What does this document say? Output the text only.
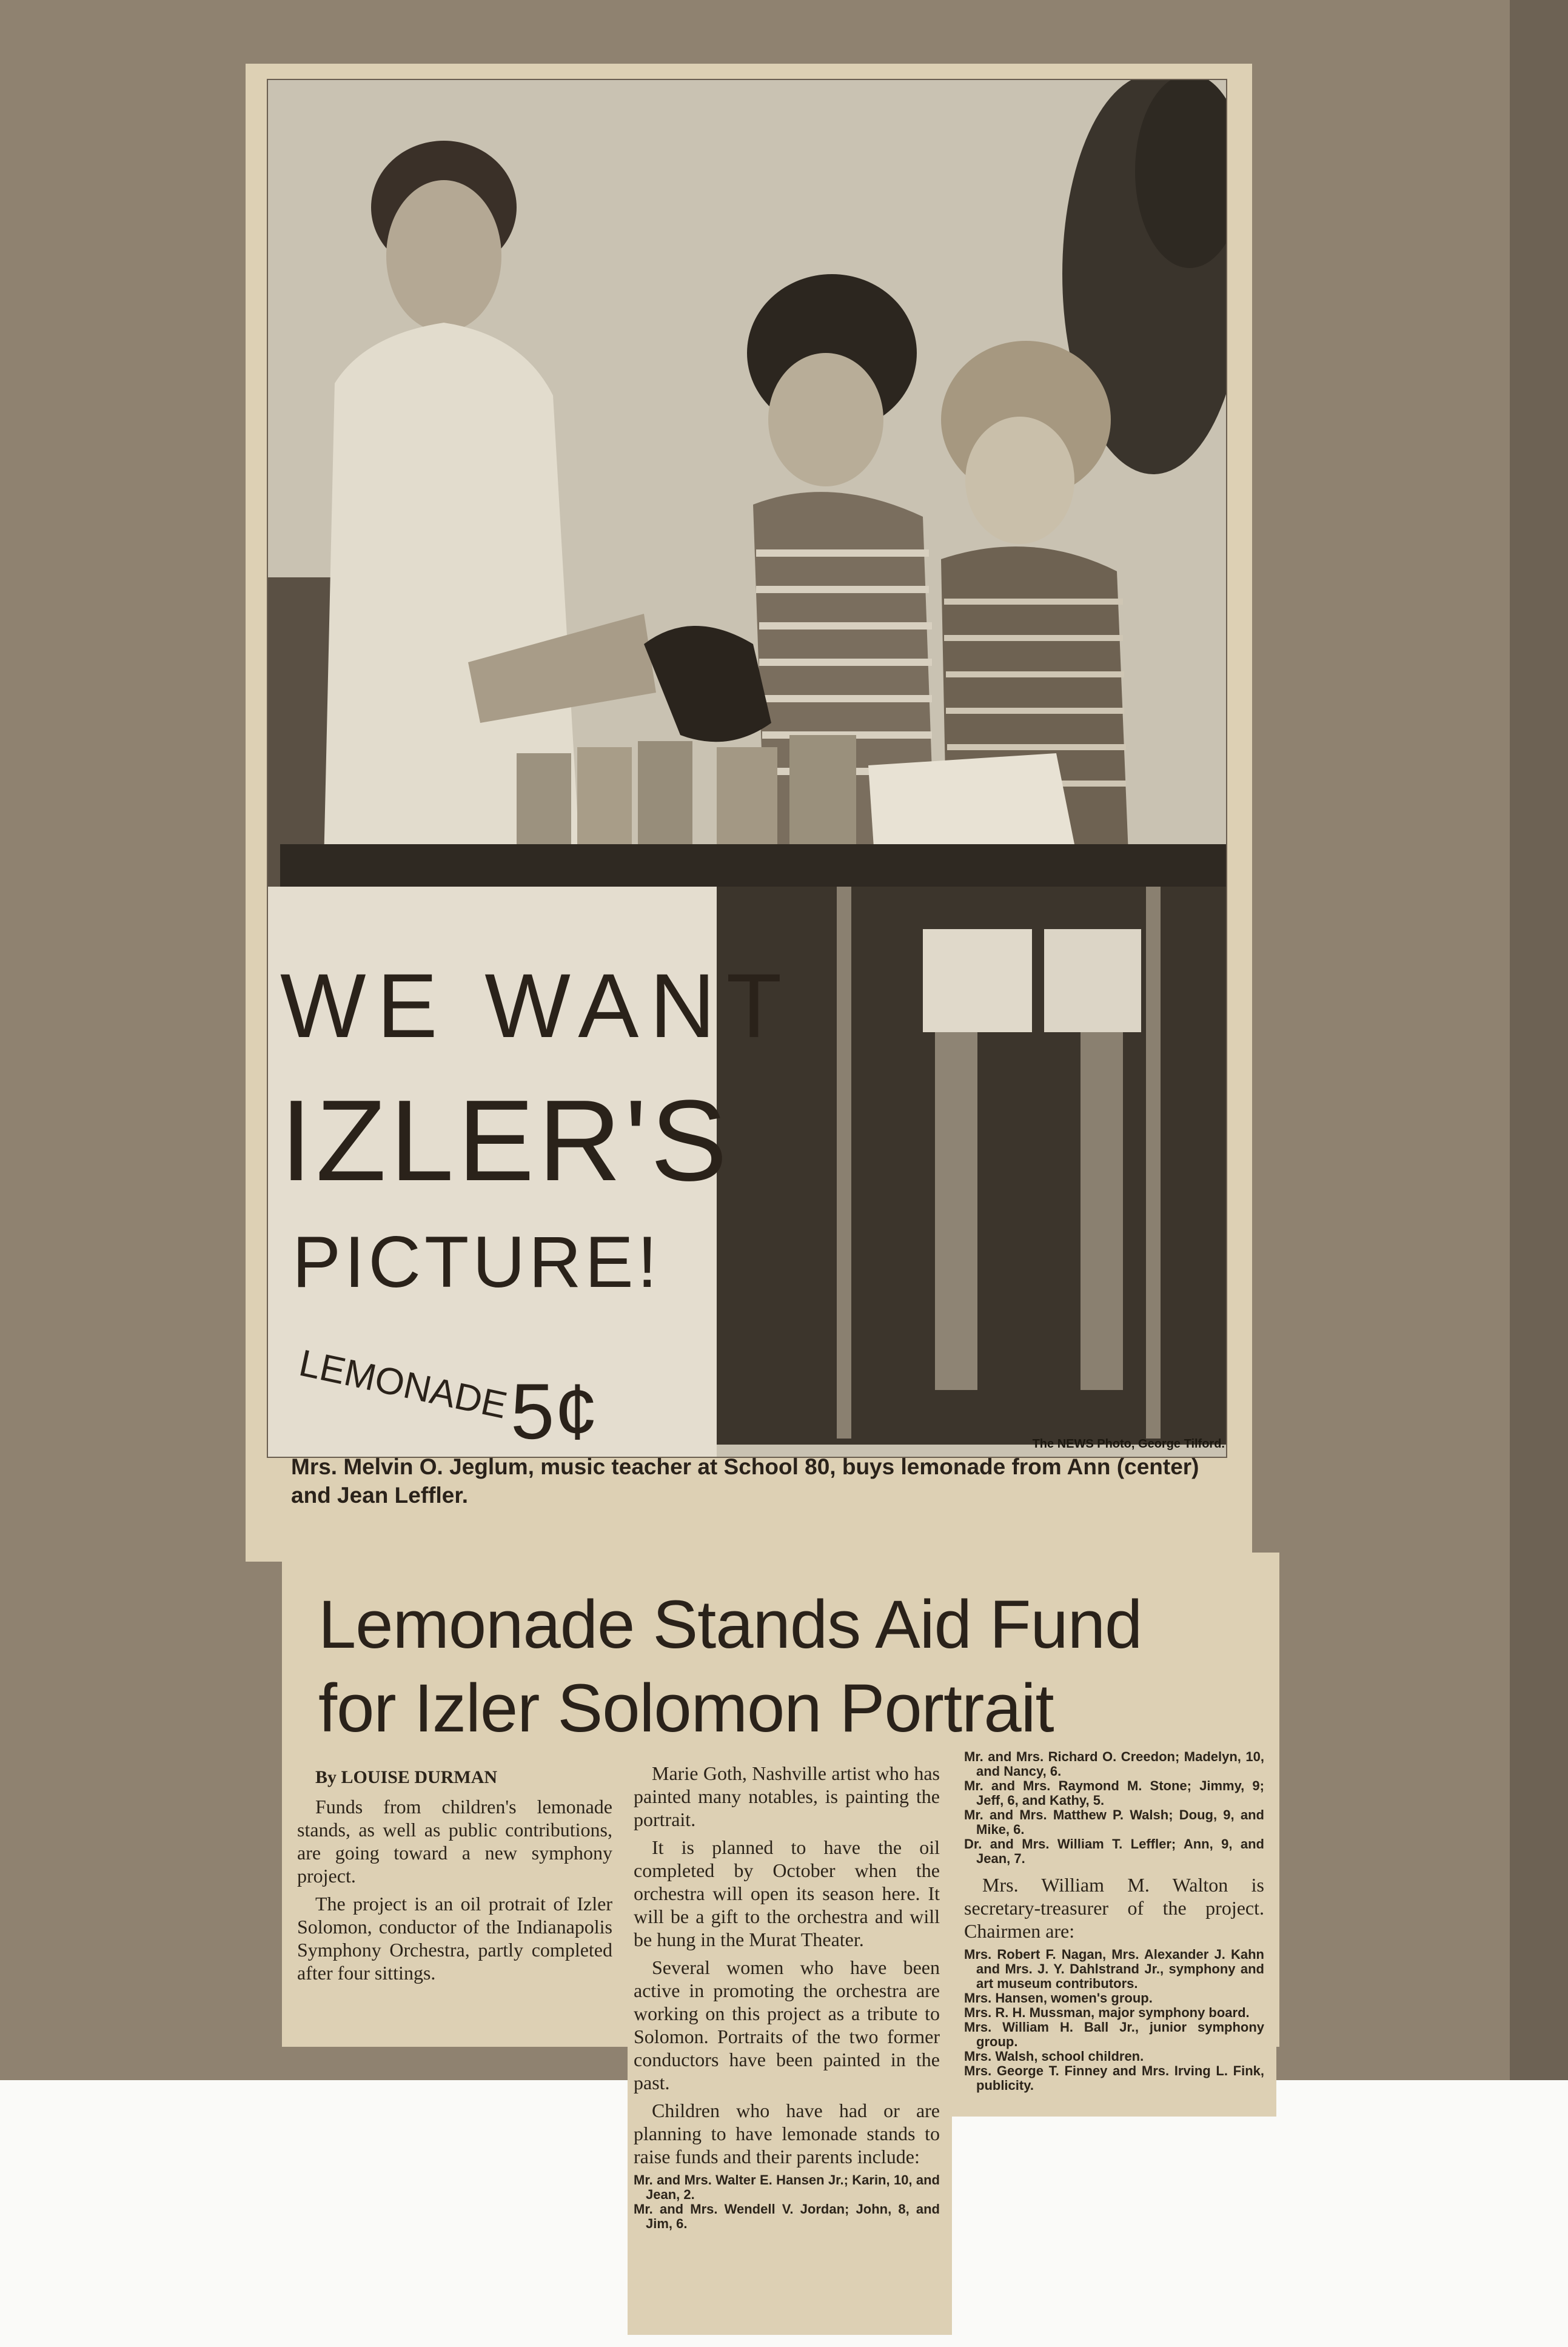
WE WANT
IZLER'S
PICTURE!
LEMONADE 5¢	The NEWS Photo, George Tilford.
Mrs. Melvin O. Jeglum, music teacher at School 80, buys lemonade from Ann (center) and Jean Leffler.
Lemonade Stands Aid Fund
for Izler Solomon Portrait

By LOUISE DURMAN

Funds from children's lemonade stands, as well as public contributions, are going toward a new symphony project.

The project is an oil protrait of Izler Solomon, conductor of the Indianapolis Symphony Orchestra, partly completed after four sittings.

Marie Goth, Nashville artist who has painted many notables, is painting the portrait.

It is planned to have the oil completed by October when the orchestra will open its season here. It will be a gift to the orchestra and will be hung in the Murat Theater.

Several women who have been active in promoting the orchestra are working on this project as a tribute to Solomon. Portraits of the two former conductors have been painted in the past.

Children who have had or are planning to have lemonade stands to raise funds and their parents include:

Mr. and Mrs. Walter E. Hansen Jr.; Karin, 10, and Jean, 2.

Mr. and Mrs. Wendell V. Jordan; John, 8, and Jim, 6.

Mr. and Mrs. Richard O. Creedon; Madelyn, 10, and Nancy, 6.

Mr. and Mrs. Raymond M. Stone; Jimmy, 9; Jeff, 6, and Kathy, 5.

Mr. and Mrs. Matthew P. Walsh; Doug, 9, and Mike, 6.

Dr. and Mrs. William T. Leffler; Ann, 9, and Jean, 7.

Mrs. William M. Walton is secretary-treasurer of the project. Chairmen are:

Mrs. Robert F. Nagan, Mrs. Alexander J. Kahn and Mrs. J. Y. Dahlstrand Jr., symphony and art museum contributors.

Mrs. Hansen, women's group.

Mrs. R. H. Mussman, major symphony board.

Mrs. William H. Ball Jr., junior symphony group.

Mrs. Walsh, school children.

Mrs. George T. Finney and Mrs. Irving L. Fink, publicity.
